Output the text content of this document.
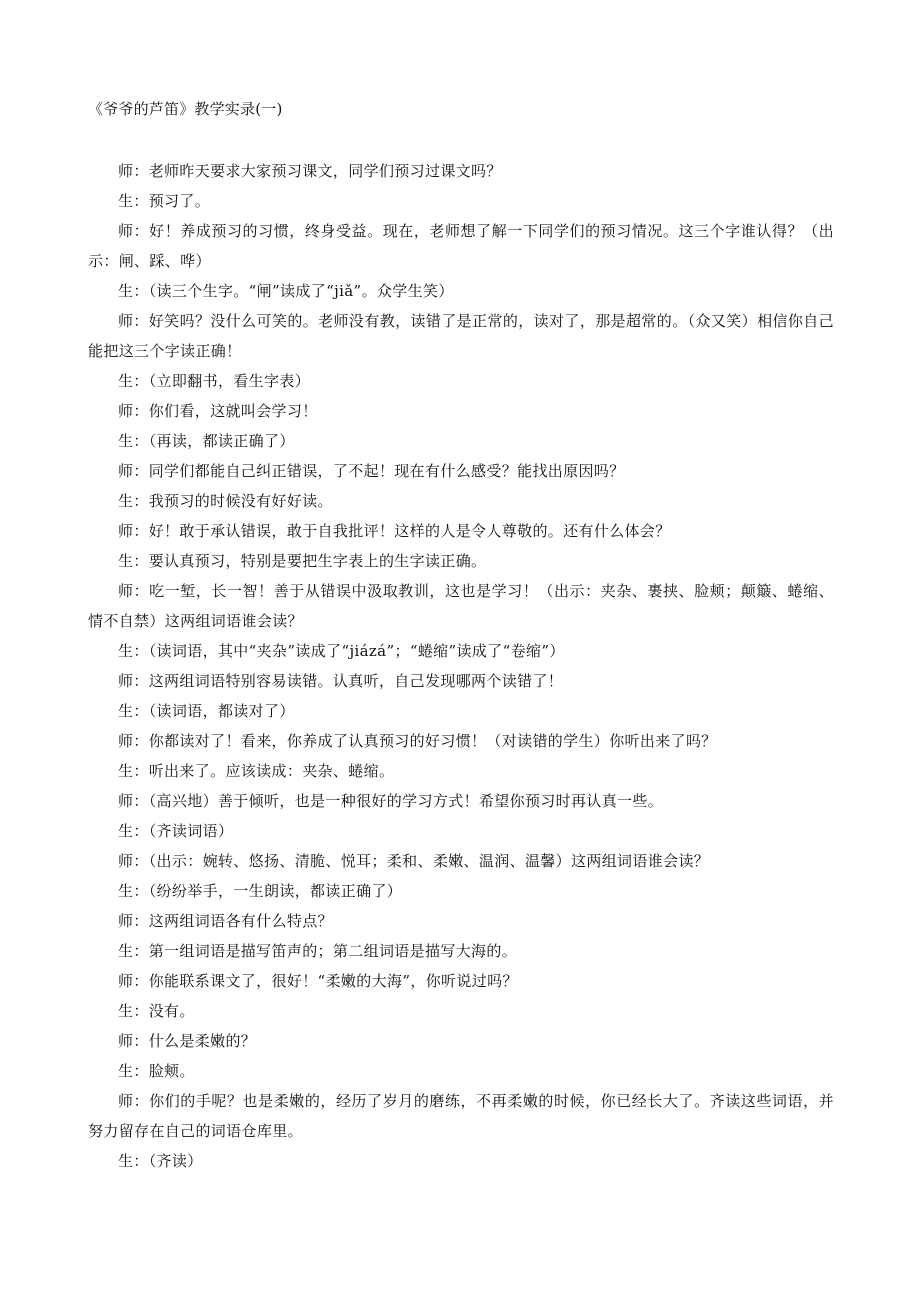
《爷爷的芦笛》教学实录(一)

师：老师昨天要求大家预习课文，同学们预习过课文吗？

生：预习了。

师：好！养成预习的习惯，终身受益。现在，老师想了解一下同学们的预习情况。这三个字谁认得？（出示：闸、踩、哗）

生：（读三个生字。“闸”读成了“jiǎ”。众学生笑）

师：好笑吗？没什么可笑的。老师没有教，读错了是正常的，读对了，那是超常的。（众又笑）相信你自己能把这三个字读正确！

生：（立即翻书，看生字表）

师：你们看，这就叫会学习！

生：（再读，都读正确了）

师：同学们都能自己纠正错误，了不起！现在有什么感受？能找出原因吗？

生：我预习的时候没有好好读。

师：好！敢于承认错误，敢于自我批评！这样的人是令人尊敬的。还有什么体会？

生：要认真预习，特别是要把生字表上的生字读正确。

师：吃一堑，长一智！善于从错误中汲取教训，这也是学习！（出示：夹杂、裹挟、脸颊；颠簸、蜷缩、情不自禁）这两组词语谁会读？

生：（读词语，其中“夹杂”读成了“jiázá”；“蜷缩”读成了“卷缩”）

师：这两组词语特别容易读错。认真听，自己发现哪两个读错了！

生：（读词语，都读对了）

师：你都读对了！看来，你养成了认真预习的好习惯！（对读错的学生）你听出来了吗？

生：听出来了。应该读成：夹杂、蜷缩。

师：（高兴地）善于倾听，也是一种很好的学习方式！希望你预习时再认真一些。

生：（齐读词语）

师：（出示：婉转、悠扬、清脆、悦耳；柔和、柔嫩、温润、温馨）这两组词语谁会读？

生：（纷纷举手，一生朗读，都读正确了）

师：这两组词语各有什么特点？

生：第一组词语是描写笛声的；第二组词语是描写大海的。

师：你能联系课文了，很好！“柔嫩的大海”，你听说过吗？

生：没有。

师：什么是柔嫩的？

生：脸颊。

师：你们的手呢？也是柔嫩的，经历了岁月的磨练，不再柔嫩的时候，你已经长大了。齐读这些词语，并努力留存在自己的词语仓库里。

生：（齐读）
